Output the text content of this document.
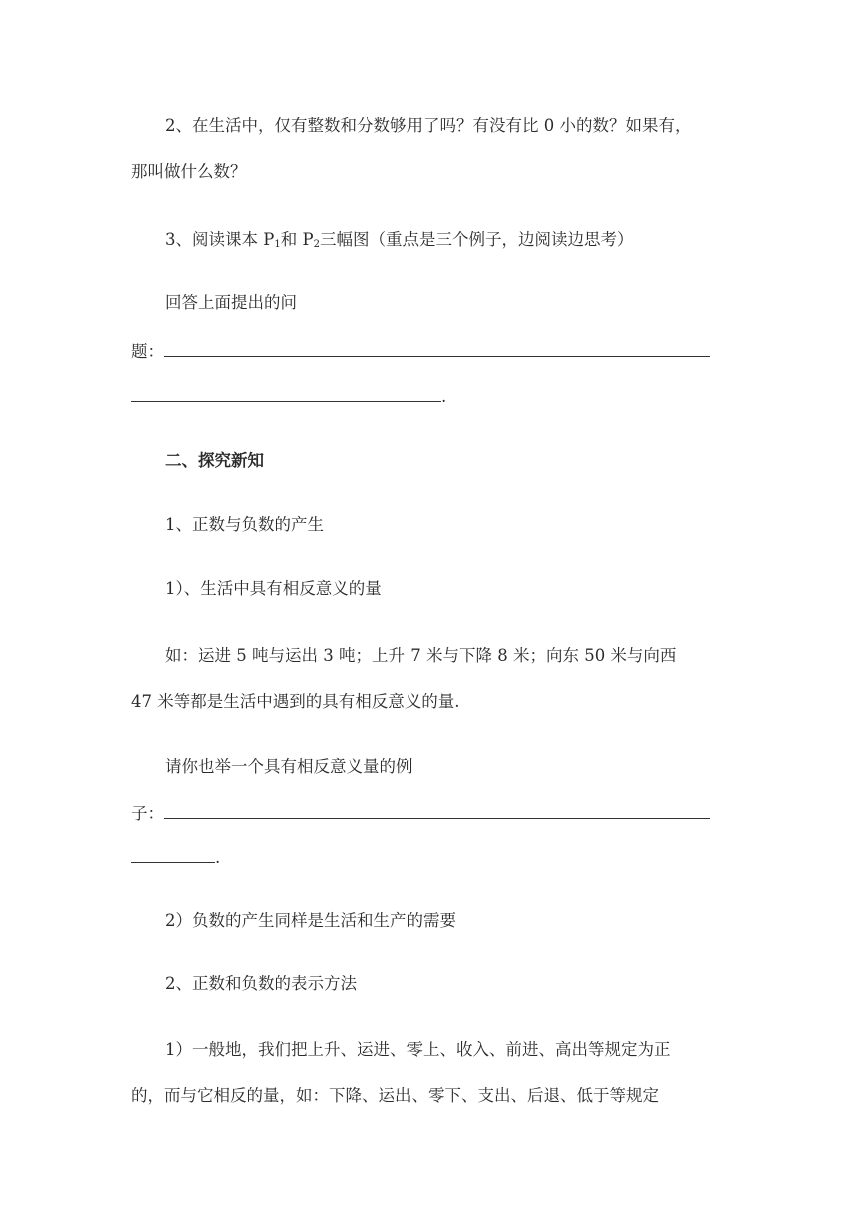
2、在生活中，仅有整数和分数够用了吗？有没有比 0 小的数？如果有，
那叫做什么数？
3、阅读课本 $P_1$和 $P_2$三幅图（重点是三个例子，边阅读边思考）
回答上面提出的问
题：
.
二、探究新知
1、正数与负数的产生
1）、生活中具有相反意义的量
如：运进 5 吨与运出 3 吨；上升 7 米与下降 8 米；向东 50 米与向西
47 米等都是生活中遇到的具有相反意义的量.
请你也举一个具有相反意义量的例
子：
.
2）负数的产生同样是生活和生产的需要
2、正数和负数的表示方法
1）一般地，我们把上升、运进、零上、收入、前进、高出等规定为正
的，而与它相反的量，如：下降、运出、零下、支出、后退、低于等规定
